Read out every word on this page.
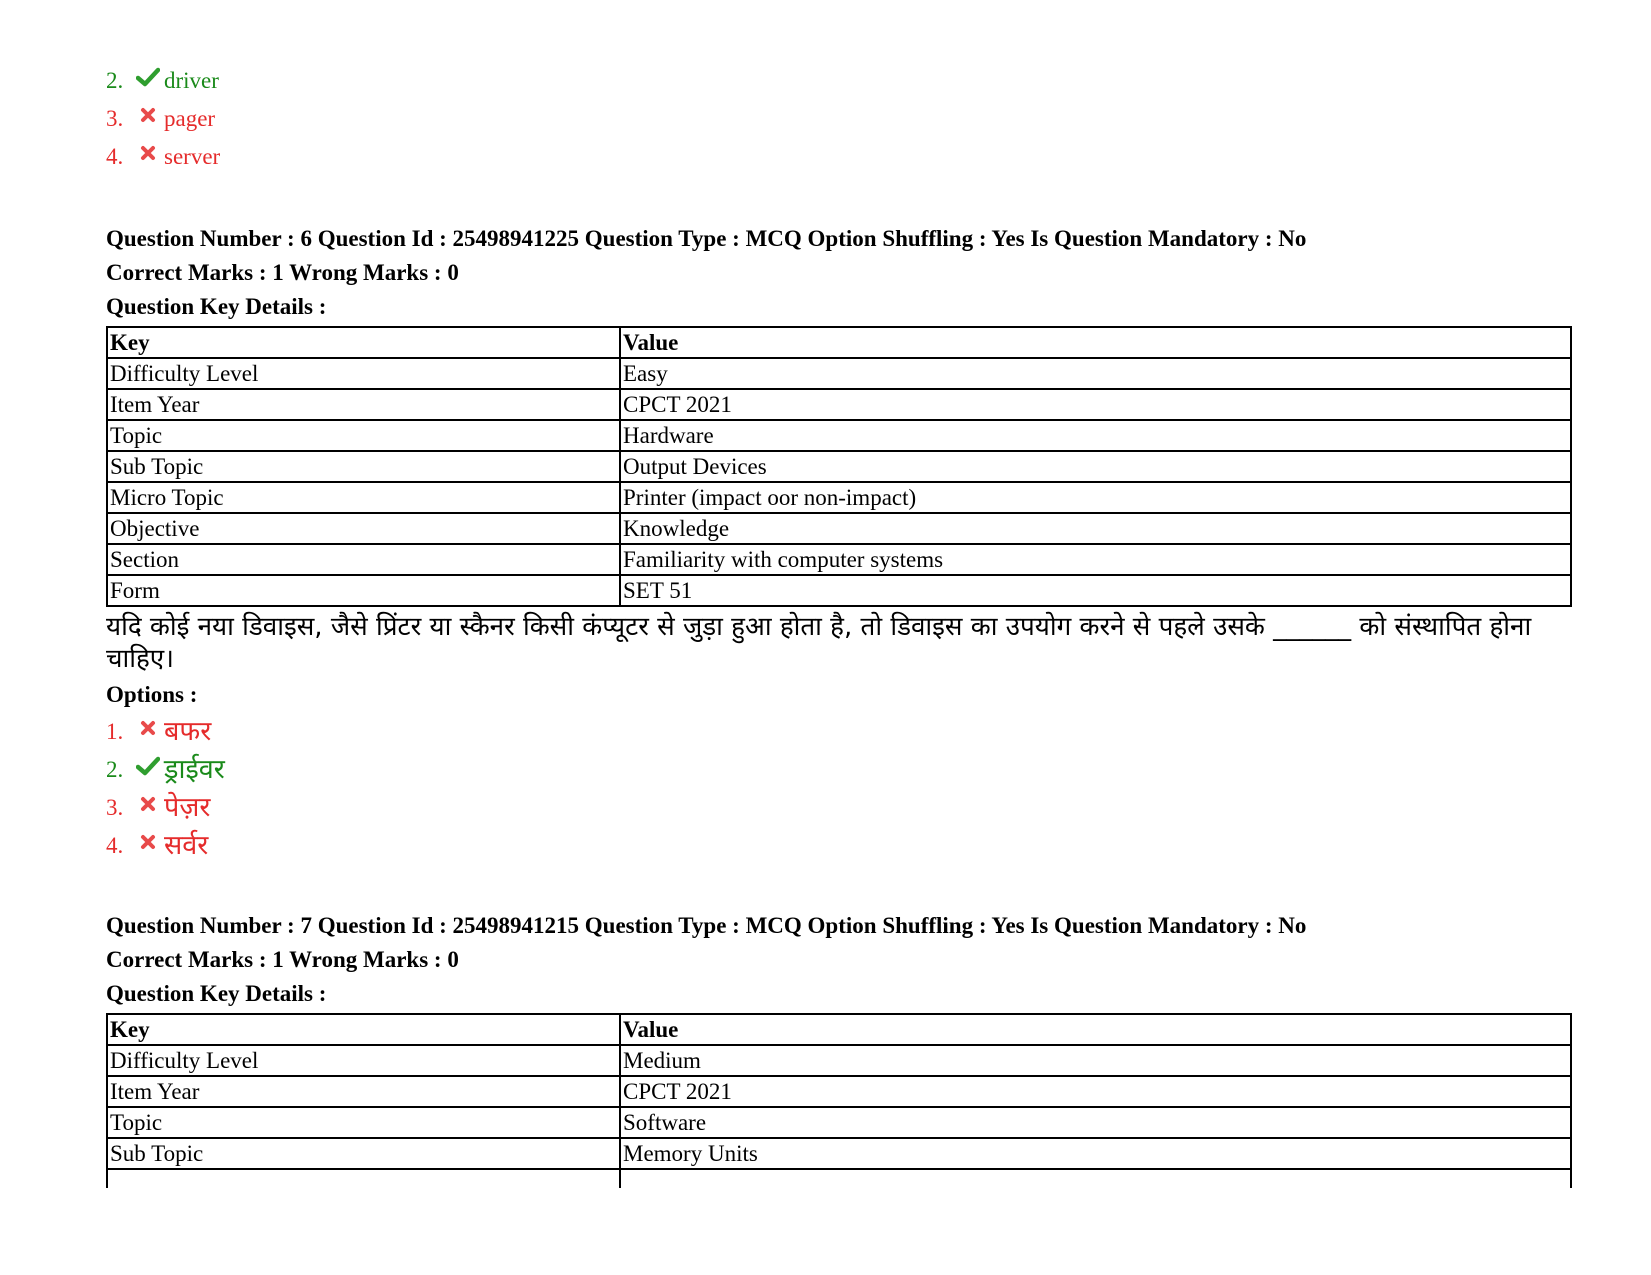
2.	driver
3.	pager
4.	server
Question Number : 6 Question Id : 25498941225 Question Type : MCQ Option Shuffling : Yes Is Question Mandatory : No
Correct Marks : 1 Wrong Marks : 0
Question Key Details :
Key	Value
Difficulty Level	Easy
Item Year	CPCT 2021
Topic	Hardware
Sub Topic	Output Devices
Micro Topic	Printer (impact oor non-impact)
Objective	Knowledge
Section	Familiarity with computer systems
Form	SET 51
यदि कोई नया डिवाइस, जैसे प्रिंटर या स्कैनर किसी कंप्यूटर से जुड़ा हुआ होता है, तो डिवाइस का उपयोग करने से पहले उसके ______ को संस्थापित होना चाहिए।
Options :
1.	बफर
2.	ड्राईवर
3.	पेज़र
4.	सर्वर
Question Number : 7 Question Id : 25498941215 Question Type : MCQ Option Shuffling : Yes Is Question Mandatory : No
Correct Marks : 1 Wrong Marks : 0
Question Key Details :
Key	Value
Difficulty Level	Medium
Item Year	CPCT 2021
Topic	Software
Sub Topic	Memory Units
